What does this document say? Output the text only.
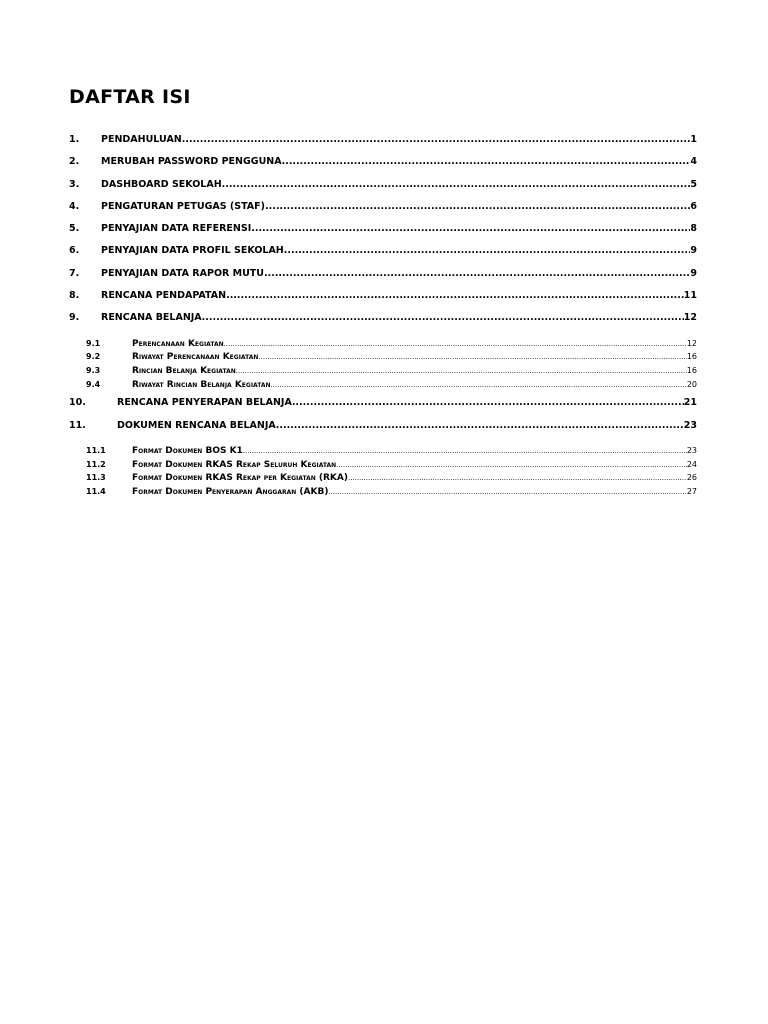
DAFTAR ISI
1.	PENDAHULUAN .....	1
2.	MERUBAH PASSWORD PENGGUNA .....	4
3.	DASHBOARD SEKOLAH .....	5
4.	PENGATURAN PETUGAS (STAF) .....	6
5.	PENYAJIAN DATA REFERENSI .....	8
6.	PENYAJIAN DATA PROFIL SEKOLAH .....	9
7.	PENYAJIAN DATA RAPOR MUTU .....	9
8.	RENCANA PENDAPATAN .....	11
9.	RENCANA BELANJA .....	12
9.1	Perencanaan Kegiatan .....	12
9.2	Riwayat Perencanaan Kegiatan .....	16
9.3	Rincian Belanja Kegiatan .....	16
9.4	Riwayat Rincian Belanja Kegiatan .....	20
10.	RENCANA PENYERAPAN BELANJA .....	21
11.	DOKUMEN RENCANA BELANJA .....	23
11.1	Format Dokumen BOS K1 .....	23
11.2	Format Dokumen RKAS Rekap Seluruh Kegiatan .....	24
11.3	Format Dokumen RKAS Rekap per Kegiatan (RKA) .....	26
11.4	Format Dokumen Penyerapan Anggaran (AKB) .....	27
